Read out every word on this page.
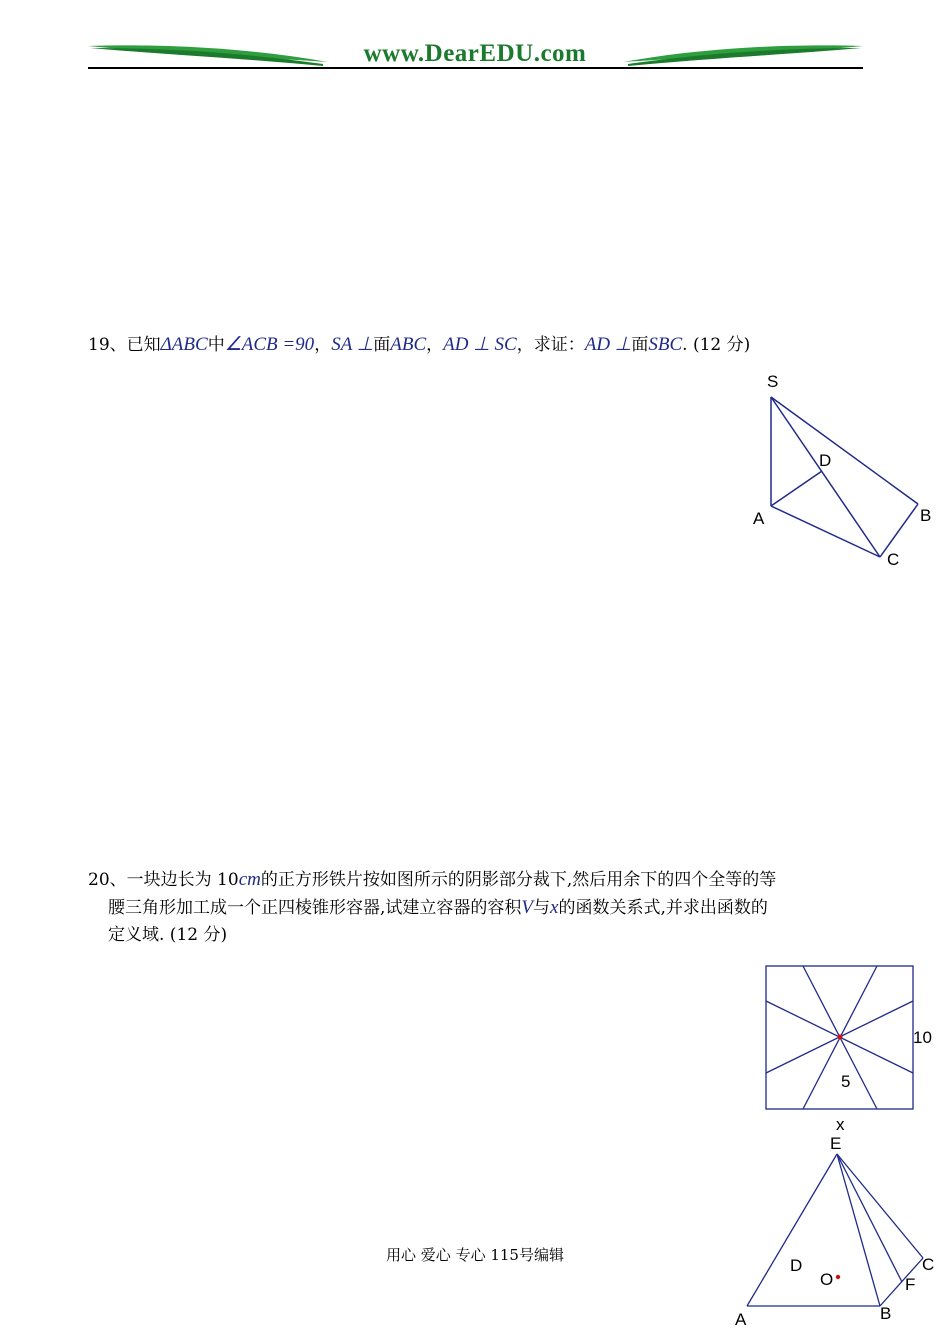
www.DearEDU.com
19、已知ΔABC中∠ACB =90，SA ⊥面ABC，AD ⊥ SC，求证：AD ⊥面SBC. (12 分)
S
D
A	B
C
20、一块边长为 10cm的正方形铁片按如图所示的阴影部分裁下,然后用余下的四个全等的等
腰三角形加工成一个正四棱锥形容器,试建立容器的容积V与x的函数关系式,并求出函数的
定义域. (12 分)
10
5
x
E
D
O
C
F
A	B
用心 爱心 专心 115号编辑
